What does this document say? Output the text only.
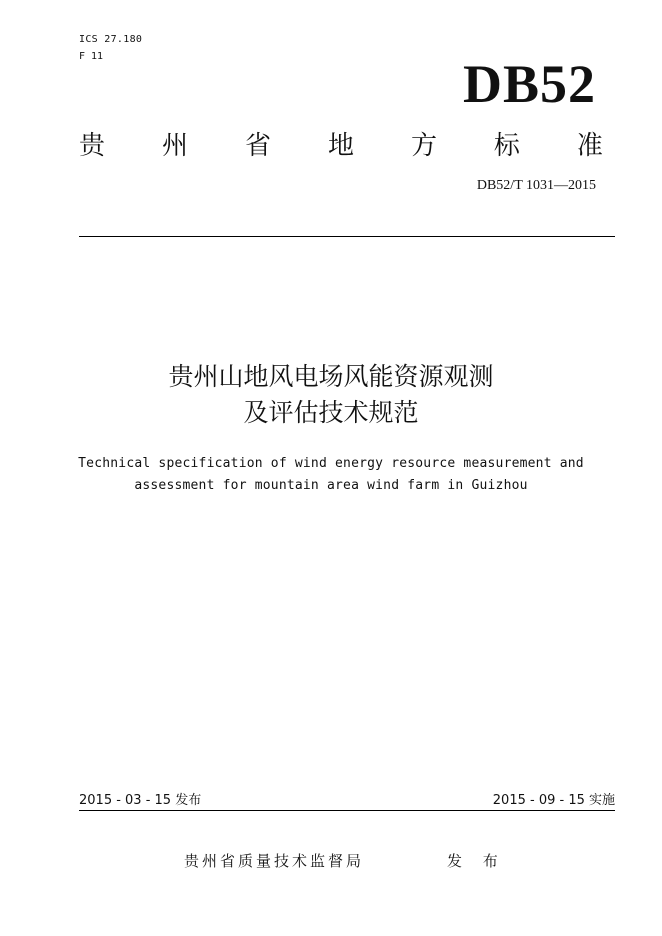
ICS 27.180
F 11	DB52
贵 州 省 地 方 标 准
DB52/T 1031—2015
贵州山地风电场风能资源观测
及评估技术规范
Technical specification of wind energy resource measurement and
assessment for mountain area wind farm in Guizhou
2015 - 03 - 15 发布	2015 - 09 - 15 实施
贵州省质量技术监督局	发 布
